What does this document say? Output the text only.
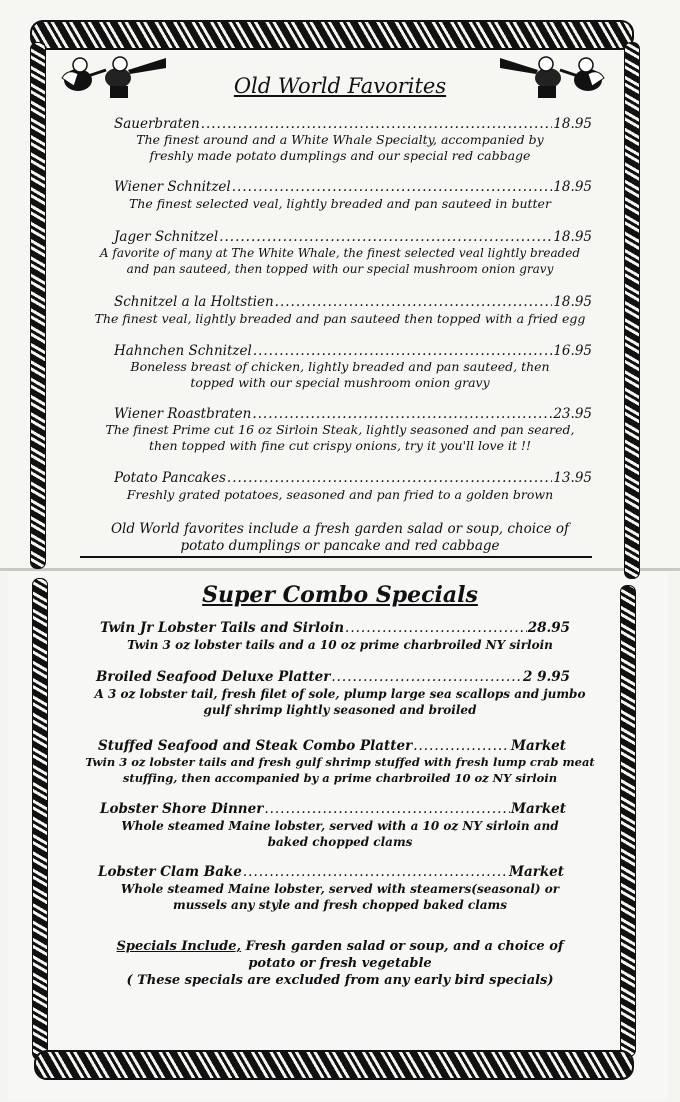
Old World Favorites
Sauerbraten .....	18.95
The finest around and a White Whale Specialty, accompanied by
freshly made potato dumplings and our special red cabbage
Wiener Schnitzel .....	18.95
The finest selected veal, lightly breaded and pan sauteed in butter
Jager Schnitzel .....	18.95
A favorite of many at The White Whale, the finest selected veal lightly breaded
and pan sauteed, then topped with our special mushroom onion gravy
Schnitzel a la Holtstien .....	18.95
The finest veal, lightly breaded and pan sauteed then topped with a fried egg
Hahnchen Schnitzel .....	16.95
Boneless breast of chicken, lightly breaded and pan sauteed, then
topped with our special mushroom onion gravy
Wiener Roastbraten .....	23.95
The finest Prime cut 16 oz Sirloin Steak, lightly seasoned and pan seared,
then topped with fine cut crispy onions, try it you'll love it !!
Potato Pancakes .....	13.95
Freshly grated potatoes, seasoned and pan fried to a golden brown
Old World favorites include a fresh garden salad or soup, choice of
potato dumplings or pancake and red cabbage
Super Combo Specials
Twin Jr Lobster Tails and Sirloin .....	28.95
Twin 3 oz lobster tails and a 10 oz prime charbroiled NY sirloin
Broiled Seafood Deluxe Platter .....	2 9.95
A 3 oz lobster tail, fresh filet of sole, plump large sea scallops and jumbo
gulf shrimp lightly seasoned and broiled
Stuffed Seafood and Steak Combo Platter .....	Market
Twin 3 oz lobster tails and fresh gulf shrimp stuffed with fresh lump crab meat
stuffing, then accompanied by a prime charbroiled 10 oz NY sirloin
Lobster Shore Dinner .....	Market
Whole steamed Maine lobster, served with a 10 oz NY sirloin and
baked chopped clams
Lobster Clam Bake .....	Market
Whole steamed Maine lobster, served with steamers(seasonal) or
mussels any style and fresh chopped baked clams
Specials Include, Fresh garden salad or soup, and a choice of
potato or fresh vegetable
( These specials are excluded from any early bird specials)
